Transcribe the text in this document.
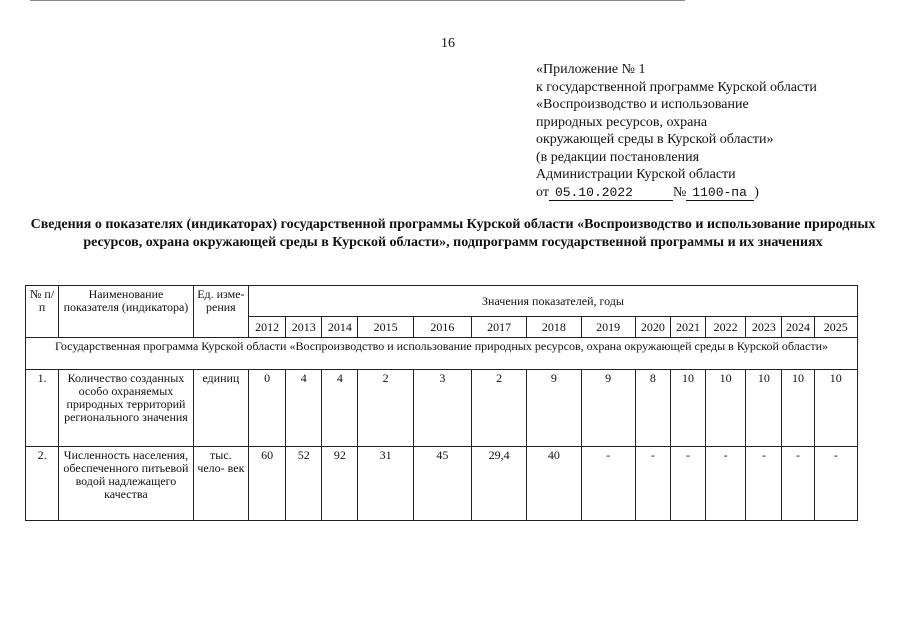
16
«Приложение № 1
к государственной программе Курской области
«Воспроизводство и использование
природных ресурсов, охрана
окружающей среды в Курской области»
(в редакции постановления
Администрации Курской области
от 05.10.2022	№ 1100-па )
Сведения о показателях (индикаторах) государственной программы Курской области «Воспроизводство и использование природных ресурсов, охрана окружающей среды в Курской области», подпрограмм государственной программы и их значениях
№ п/п	Наименование показателя (индикатора)	Ед. изме- рения	Значения показателей, годы													
			2012	2013	2014	2015	2016	2017	2018	2019	2020	2021	2022	2023	2024	2025
Государственная программа Курской области «Воспроизводство и использование природных ресурсов, охрана окружающей среды в Курской области»																
1.	Количество созданных особо охраняемых природных территорий регионального значения	единиц	0	4	4	2	3	2	9	9	8	10	10	10	10	10
2.	Численность населения, обеспеченного питьевой водой надлежащего качества	тыс. чело- век	60	52	92	31	45	29,4	40	-	-	-	-	-	-	-
